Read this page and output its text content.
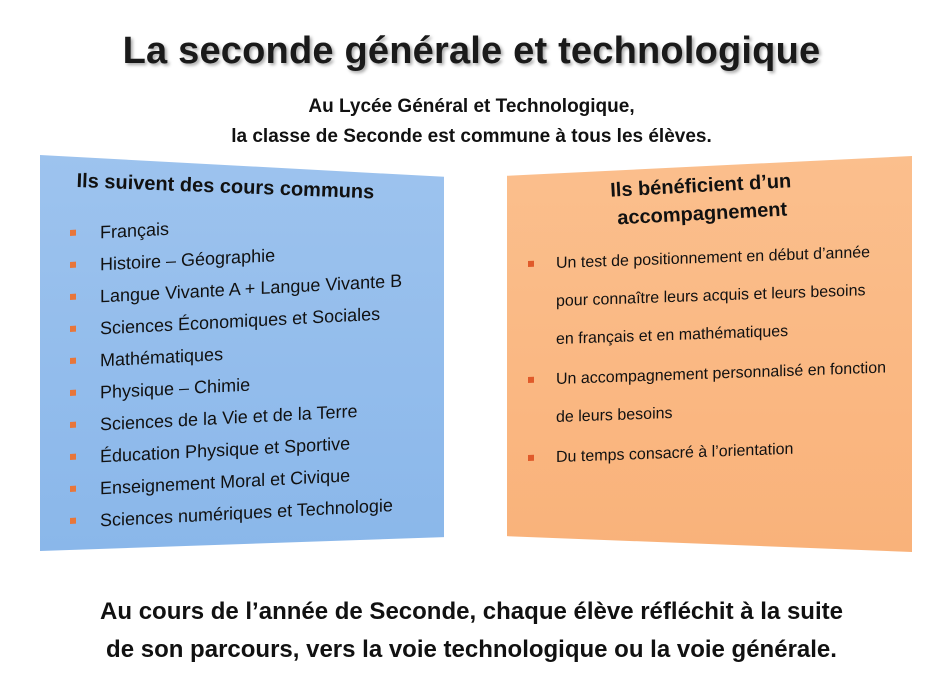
La seconde générale et technologique
Au Lycée Général et Technologique,
la classe de Seconde est commune à tous les élèves.
Ils suivent des cours communs
Français
Histoire – Géographie
Langue Vivante A + Langue Vivante B
Sciences Économiques et Sociales
Mathématiques
Physique – Chimie
Sciences de la Vie et de la Terre
Éducation Physique et Sportive
Enseignement Moral et Civique
Sciences numériques et Technologie
Ils bénéficient d’un
accompagnement
Un test de positionnement en début d’année pour connaître leurs acquis et leurs besoins en français et en mathématiques
Un accompagnement personnalisé en fonction de leurs besoins
Du temps consacré à l’orientation
Au cours de l’année de Seconde, chaque élève réfléchit à la suite
de son parcours, vers la voie technologique ou la voie générale.
